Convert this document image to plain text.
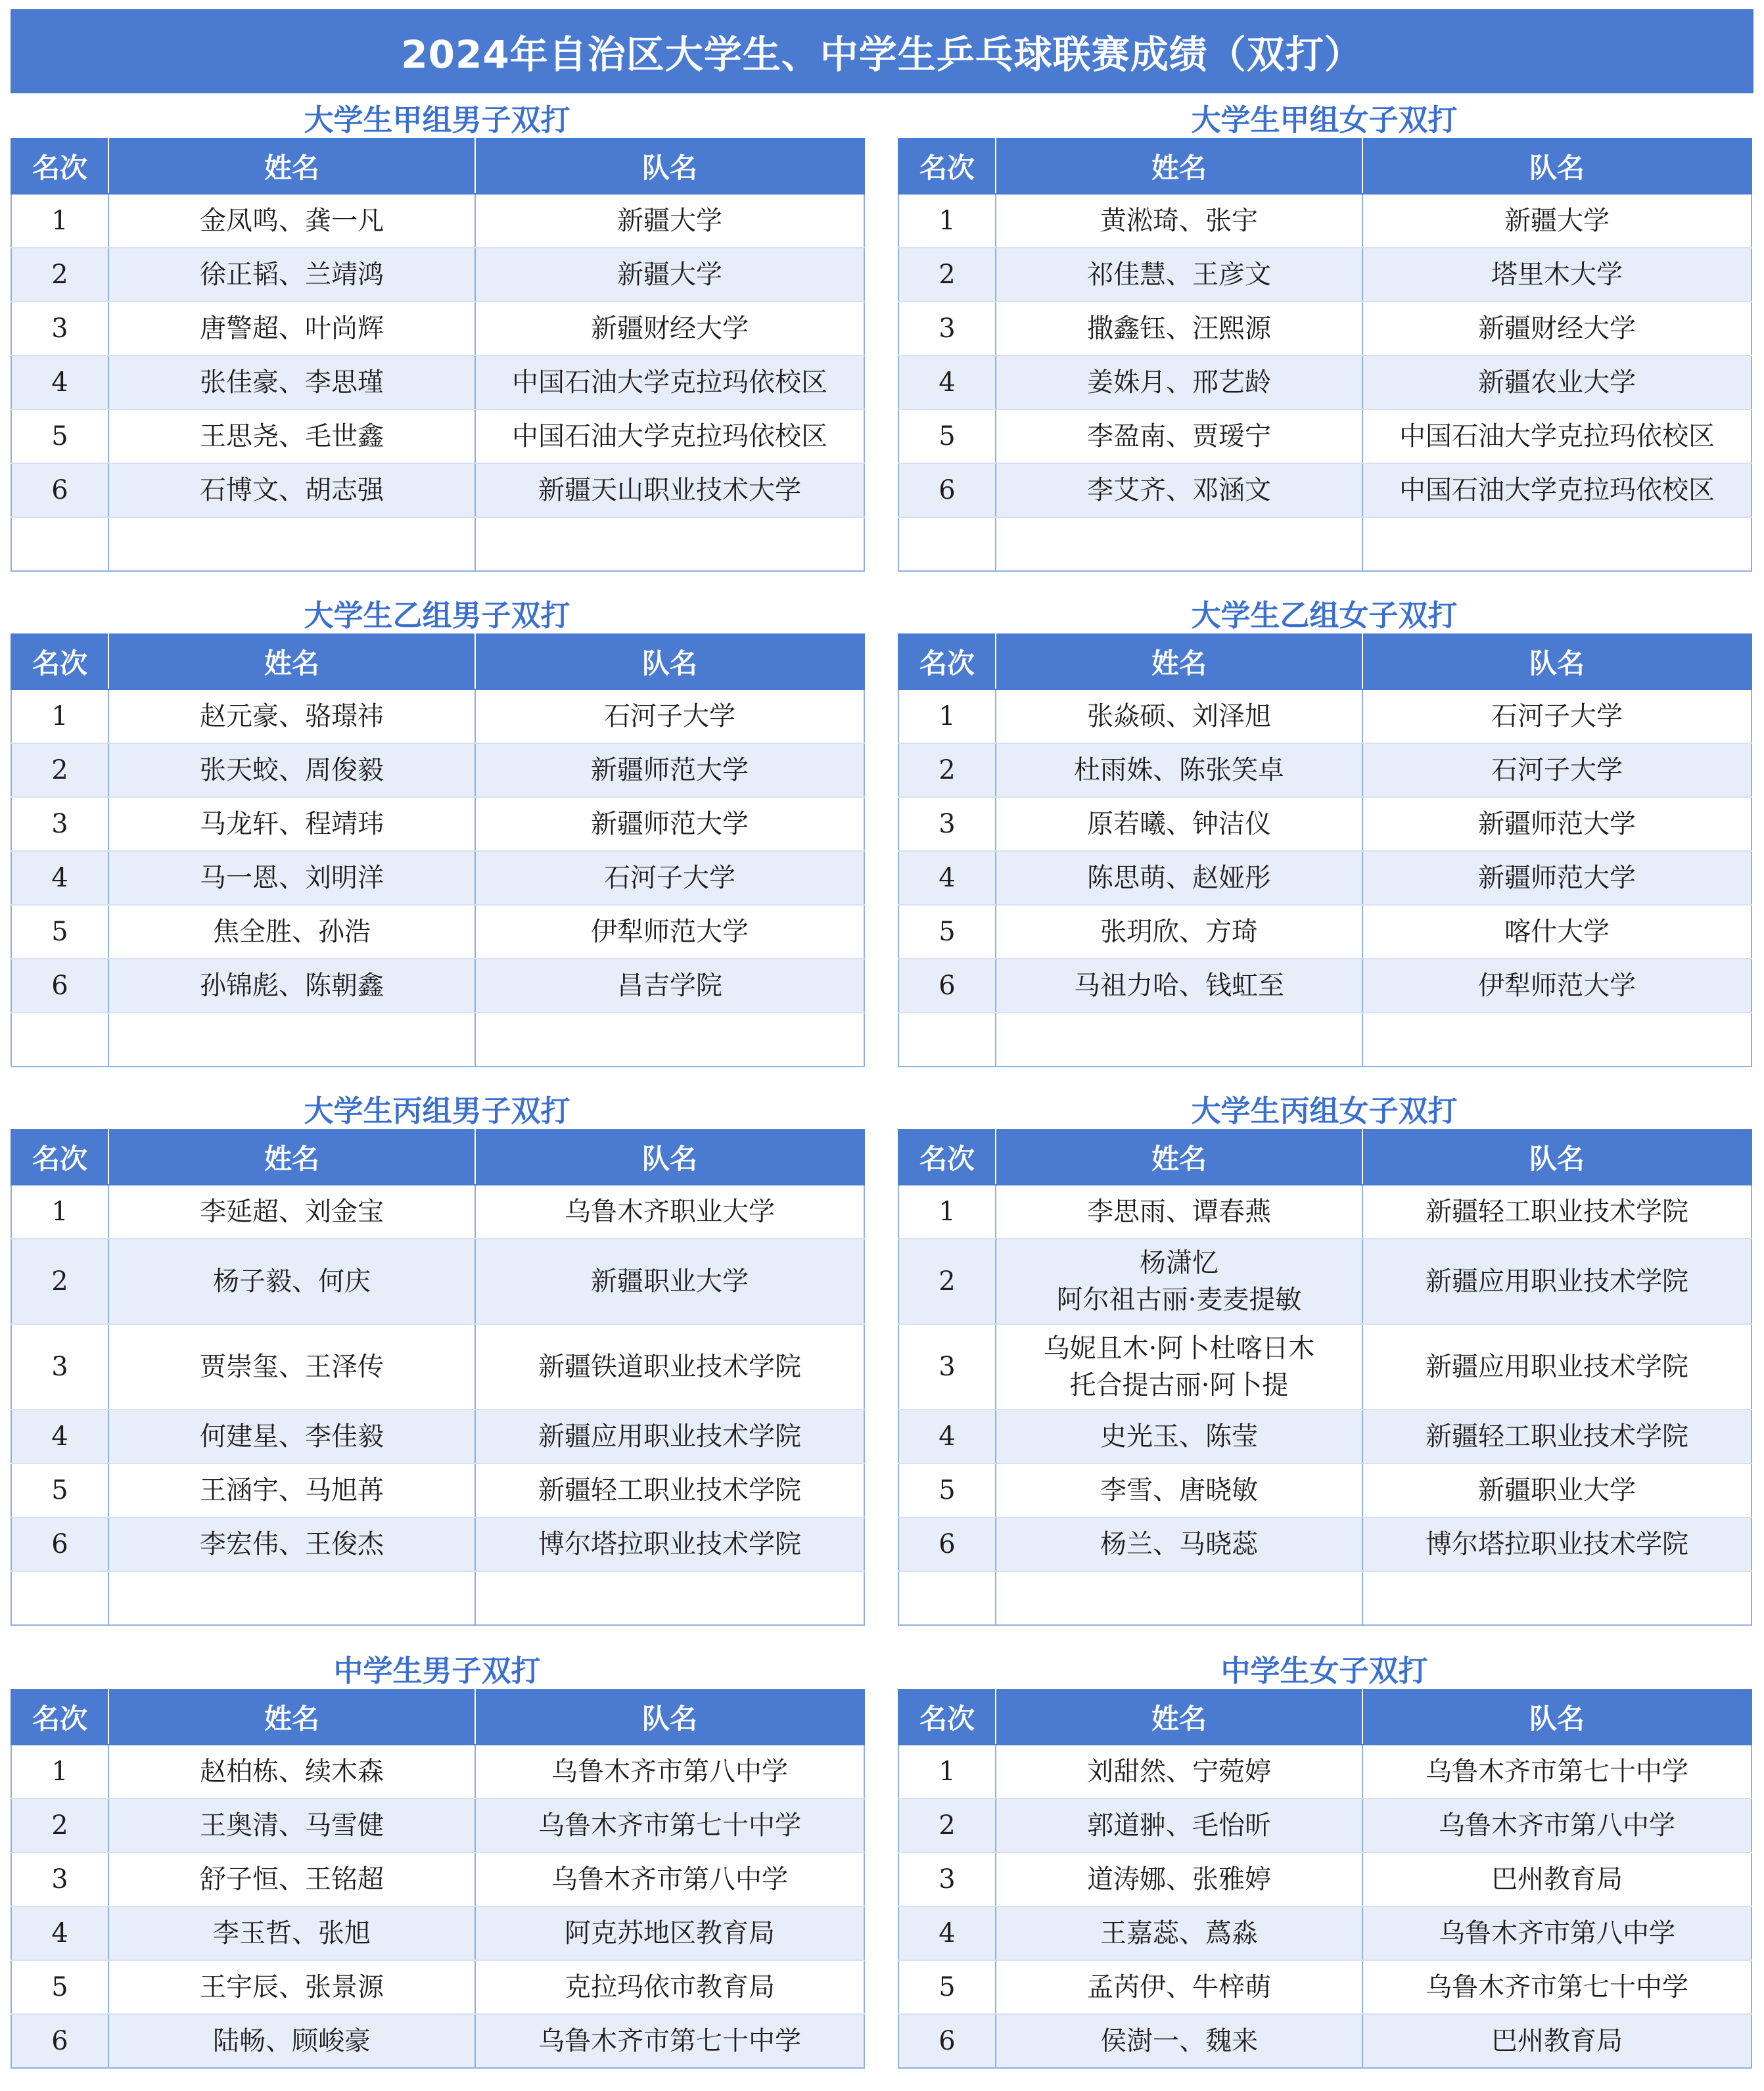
2024年自治区大学生、中学生乒乓球联赛成绩（双打）
大学生甲组男子双打
名次	姓名	队名
1	金凤鸣、龚一凡	新疆大学
2	徐正韬、兰靖鸿	新疆大学
3	唐警超、叶尚辉	新疆财经大学
4	张佳豪、李思瑾	中国石油大学克拉玛依校区
5	王思尧、毛世鑫	中国石油大学克拉玛依校区
6	石博文、胡志强	新疆天山职业技术大学

大学生甲组女子双打
名次	姓名	队名
1	黄淞琦、张宇	新疆大学
2	祁佳慧、王彦文	塔里木大学
3	撒鑫钰、汪熙源	新疆财经大学
4	姜姝月、邢艺龄	新疆农业大学
5	李盈南、贾瑷宁	中国石油大学克拉玛依校区
6	李艾齐、邓涵文	中国石油大学克拉玛依校区

大学生乙组男子双打
名次	姓名	队名
1	赵元豪、骆璟祎	石河子大学
2	张天蛟、周俊毅	新疆师范大学
3	马龙轩、程靖玮	新疆师范大学
4	马一恩、刘明洋	石河子大学
5	焦全胜、孙浩	伊犁师范大学
6	孙锦彪、陈朝鑫	昌吉学院

大学生乙组女子双打
名次	姓名	队名
1	张焱硕、刘泽旭	石河子大学
2	杜雨姝、陈张笑卓	石河子大学
3	原若曦、钟洁仪	新疆师范大学
4	陈思萌、赵娅彤	新疆师范大学
5	张玥欣、方琦	喀什大学
6	马祖力哈、钱虹至	伊犁师范大学

大学生丙组男子双打
名次	姓名	队名
1	李延超、刘金宝	乌鲁木齐职业大学
2	杨子毅、何庆	新疆职业大学
3	贾崇玺、王泽传	新疆铁道职业技术学院
4	何建星、李佳毅	新疆应用职业技术学院
5	王涵宇、马旭苒	新疆轻工职业技术学院
6	李宏伟、王俊杰	博尔塔拉职业技术学院

大学生丙组女子双打
名次	姓名	队名
1	李思雨、谭春燕	新疆轻工职业技术学院
2	杨潇忆
阿尔祖古丽·麦麦提敏	新疆应用职业技术学院
3	乌妮且木·阿卜杜喀日木
托合提古丽·阿卜提	新疆应用职业技术学院
4	史光玉、陈莹	新疆轻工职业技术学院
5	李雪、唐晓敏	新疆职业大学
6	杨兰、马晓蕊	博尔塔拉职业技术学院

中学生男子双打
名次	姓名	队名
1	赵柏栋、续木森	乌鲁木齐市第八中学
2	王奥清、马雪健	乌鲁木齐市第七十中学
3	舒子恒、王铭超	乌鲁木齐市第八中学
4	李玉哲、张旭	阿克苏地区教育局
5	王宇辰、张景源	克拉玛依市教育局
6	陆畅、顾峻豪	乌鲁木齐市第七十中学
中学生女子双打
名次	姓名	队名
1	刘甜然、宁菀婷	乌鲁木齐市第七十中学
2	郭道翀、毛怡昕	乌鲁木齐市第八中学
3	道涛娜、张雅婷	巴州教育局
4	王嘉蕊、蔿淼	乌鲁木齐市第八中学
5	孟芮伊、牛梓萌	乌鲁木齐市第七十中学
6	侯澍一、魏来	巴州教育局
